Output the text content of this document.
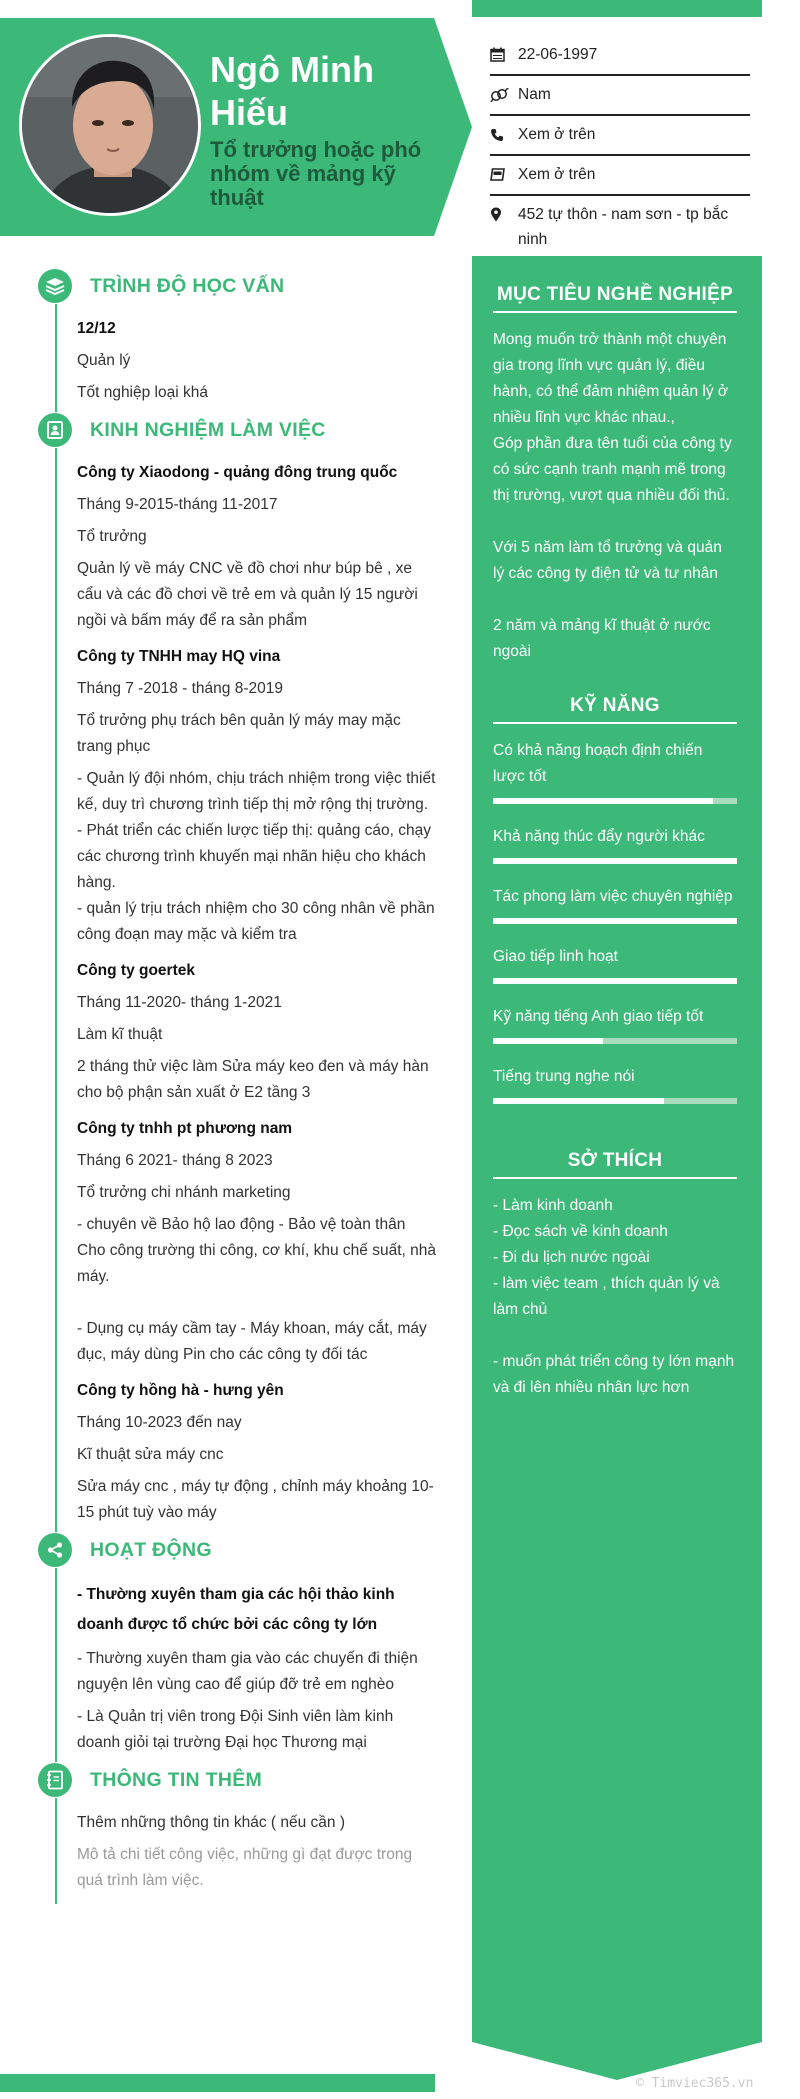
Ngô Minh Hiếu
Tổ trưởng hoặc phó nhóm về mảng kỹ thuật
22-06-1997
Nam
Xem ở trên
Xem ở trên
452 tự thôn - nam sơn - tp bắc ninh
MỤC TIÊU NGHỀ NGHIỆP
Mong muốn trở thành một chuyên gia trong lĩnh vực quản lý, điều hành, có thể đảm nhiệm quản lý ở nhiều lĩnh vực khác nhau.,
Góp phần đưa tên tuổi của công ty có sức cạnh tranh mạnh mẽ trong thị trường, vượt qua nhiều đối thủ.

Với 5 năm làm tổ trưởng và quản lý các công ty điện tử và tư nhân

2 năm và mảng kĩ thuật ở nước ngoài
KỸ NĂNG
Có khả năng hoạch định chiến lược tốt
Khả năng thúc đẩy người khác
Tác phong làm việc chuyên nghiệp
Giao tiếp linh hoạt
Kỹ năng tiếng Anh giao tiếp tốt
Tiếng trung nghe nói
SỞ THÍCH
- Làm kinh doanh
- Đọc sách về kinh doanh
- Đi du lịch nước ngoài
- làm việc team , thích quản lý và làm chủ

- muốn phát triển công ty lớn mạnh và đi lên nhiều nhân lực hơn
TRÌNH ĐỘ HỌC VẤN
12/12
Quản lý
Tốt nghiệp loại khá
KINH NGHIỆM LÀM VIỆC
Công ty Xiaodong - quảng đông trung quốc
Tháng 9-2015-tháng 11-2017
Tổ trưởng
Quản lý về máy CNC về đồ chơi như búp bê , xe cẩu và các đồ chơi về trẻ em và quản lý 15 người ngồi và bấm máy để ra sản phẩm
Công ty TNHH may HQ vina
Tháng 7 -2018 - tháng 8-2019
Tổ trưởng phụ trách bên quản lý máy may mặc trang phục
- Quản lý đội nhóm, chịu trách nhiệm trong việc thiết kế, duy trì chương trình tiếp thị mở rộng thị trường.
- Phát triển các chiến lược tiếp thị: quảng cáo, chạy các chương trình khuyến mại nhãn hiệu cho khách hàng.
- quản lý trịu trách nhiệm cho 30 công nhân về phần công đoạn may mặc và kiểm tra
Công ty goertek
Tháng 11-2020- tháng 1-2021
Làm kĩ thuật
2 tháng thử việc làm Sửa máy keo đen và máy hàn cho bộ phận sản xuất ở E2 tầng 3
Công ty tnhh pt phương nam
Tháng 6 2021- tháng 8 2023
Tổ trưởng chi nhánh marketing
- chuyên về Bảo hộ lao động - Bảo vệ toàn thân Cho công trường thi công, cơ khí, khu chế suất, nhà máy.

- Dụng cụ máy cầm tay - Máy khoan, máy cắt, máy đục, máy dùng Pin cho các công ty đối tác
Công ty hồng hà - hưng yên
Tháng 10-2023 đến nay
Kĩ thuật sửa máy cnc
Sửa máy cnc , máy tự động , chỉnh máy khoảng 10-15 phút tuỳ vào máy
HOẠT ĐỘNG
- Thường xuyên tham gia các hội thảo kinh doanh được tổ chức bởi các công ty lớn
- Thường xuyên tham gia vào các chuyến đi thiện nguyện lên vùng cao để giúp đỡ trẻ em nghèo
- Là Quản trị viên trong Đội Sinh viên làm kinh doanh giỏi tại trường Đại học Thương mại
THÔNG TIN THÊM
Thêm những thông tin khác ( nếu cần )
Mô tả chi tiết công việc, những gì đạt được trong quá trình làm việc.
© Timviec365.vn
